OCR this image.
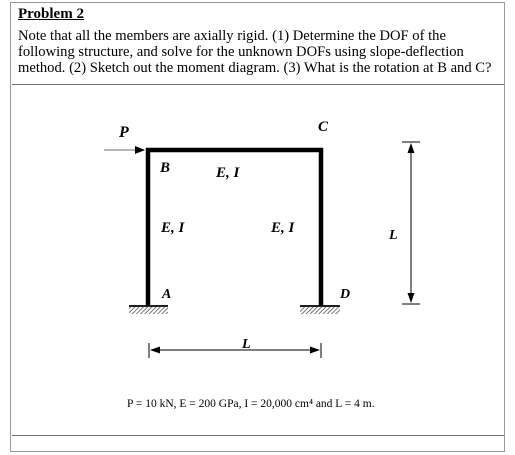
Problem 2
Note that all the members are axially rigid. (1) Determine the DOF of the following structure, and solve for the unknown DOFs using slope-deflection method. (2) Sketch out the moment diagram. (3) What is the rotation at B and C?
P
B
C
A	D
E, I
E, I	E, I	L
L
P = 10 kN, E = 200 GPa, I = 20,000 cm⁴ and L = 4 m.
